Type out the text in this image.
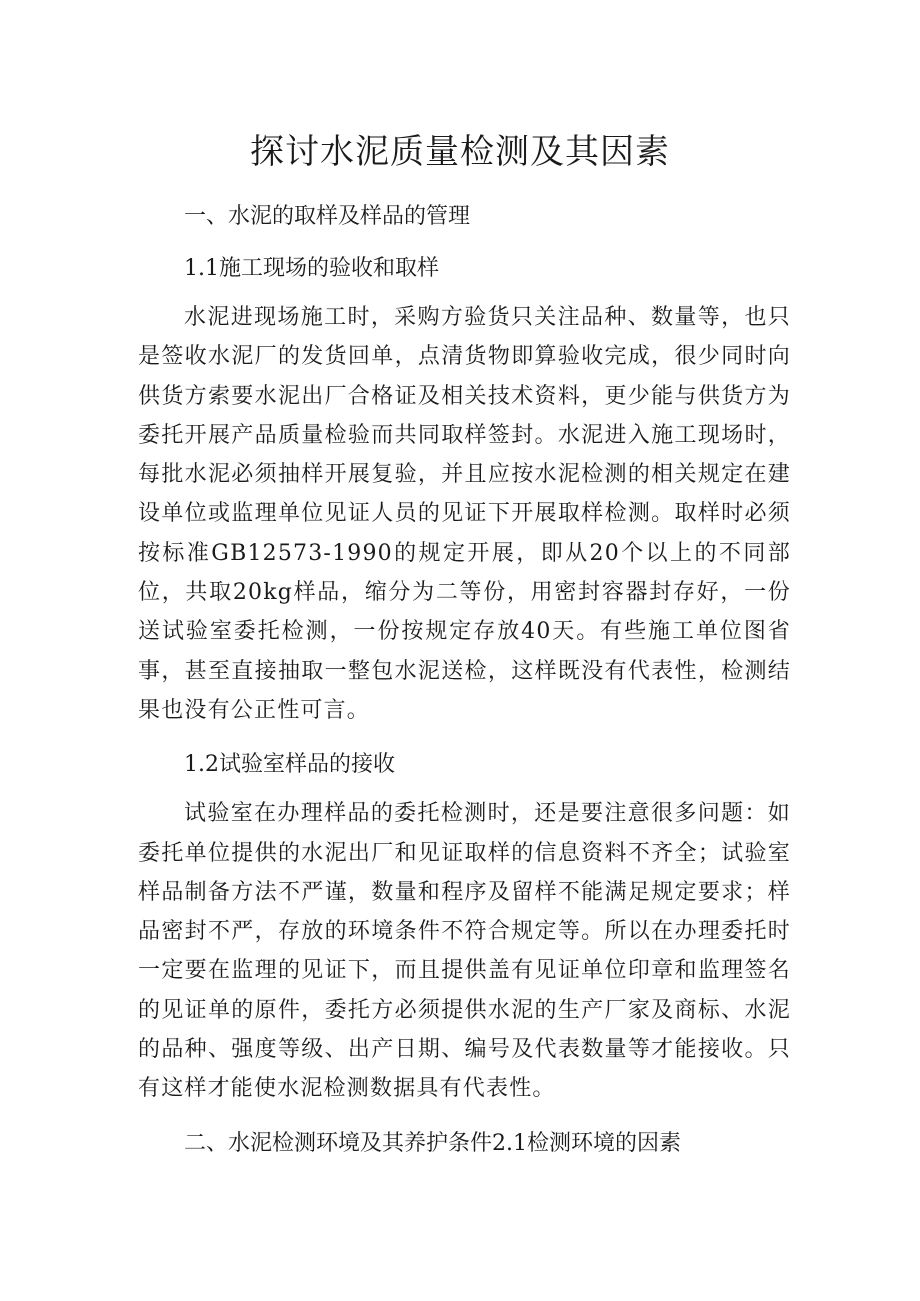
探讨水泥质量检测及其因素

一、水泥的取样及样品的管理

1.1施工现场的验收和取样

水泥进现场施工时，采购方验货只关注品种、数量等，也只是签收水泥厂的发货回单，点清货物即算验收完成，很少同时向供货方索要水泥出厂合格证及相关技术资料，更少能与供货方为委托开展产品质量检验而共同取样签封。水泥进入施工现场时，每批水泥必须抽样开展复验，并且应按水泥检测的相关规定在建设单位或监理单位见证人员的见证下开展取样检测。取样时必须按标准GB12573-1990的规定开展，即从20个以上的不同部位，共取20kg样品，缩分为二等份，用密封容器封存好，一份送试验室委托检测，一份按规定存放40天。有些施工单位图省事，甚至直接抽取一整包水泥送检，这样既没有代表性，检测结果也没有公正性可言。

1.2试验室样品的接收

试验室在办理样品的委托检测时，还是要注意很多问题：如委托单位提供的水泥出厂和见证取样的信息资料不齐全；试验室样品制备方法不严谨，数量和程序及留样不能满足规定要求；样品密封不严，存放的环境条件不符合规定等。所以在办理委托时一定要在监理的见证下，而且提供盖有见证单位印章和监理签名的见证单的原件，委托方必须提供水泥的生产厂家及商标、水泥的品种、强度等级、出产日期、编号及代表数量等才能接收。只有这样才能使水泥检测数据具有代表性。

二、水泥检测环境及其养护条件2.1检测环境的因素
